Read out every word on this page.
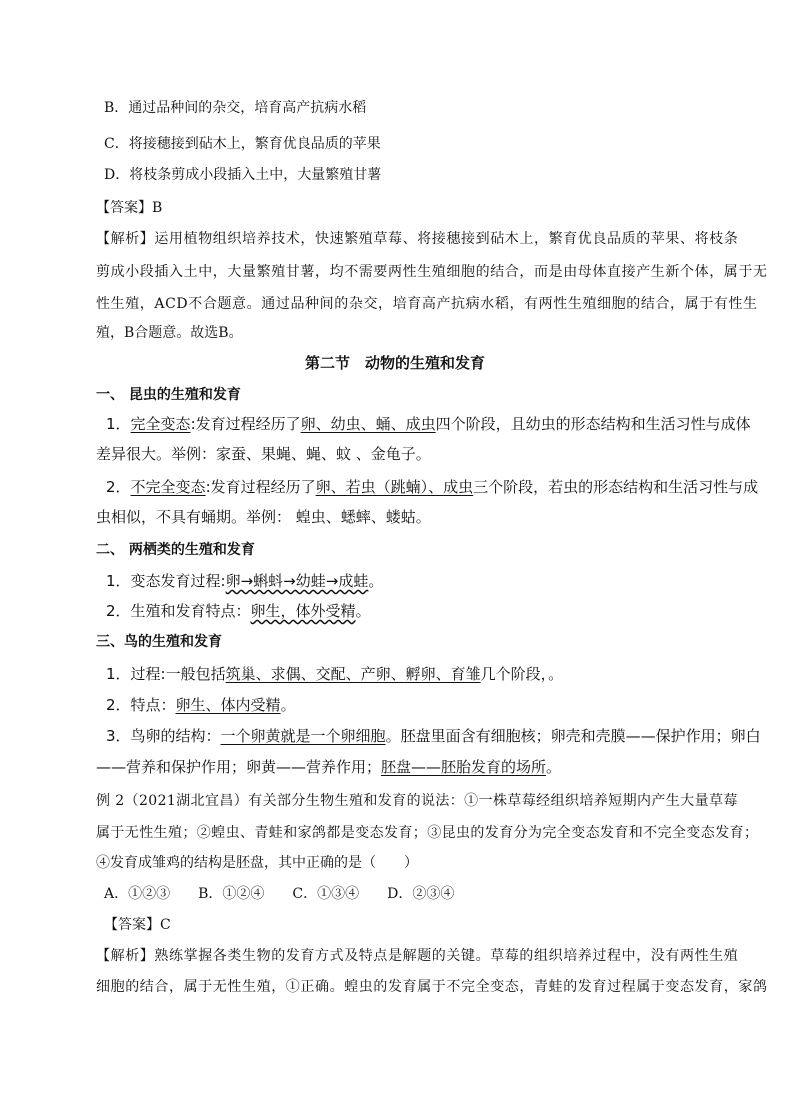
B．通过品种间的杂交，培育高产抗病水稻
C．将接穗接到砧木上，繁育优良品质的苹果
D．将枝条剪成小段插入土中，大量繁殖甘薯
【答案】B
【解析】运用植物组织培养技术，快速繁殖草莓、将接穗接到砧木上，繁育优良品质的苹果、将枝条
剪成小段插入土中，大量繁殖甘薯，均不需要两性生殖细胞的结合，而是由母体直接产生新个体，属于无
性生殖，ACD不合题意。通过品种间的杂交，培育高产抗病水稻，有两性生殖细胞的结合，属于有性生
殖，B合题意。故选B。
第二节　动物的生殖和发育
一、 昆虫的生殖和发育
1．完全变态:发育过程经历了卵、幼虫、蛹、成虫四个阶段，且幼虫的形态结构和生活习性与成体
差异很大。举例：家蚕、果蝇、蝇、蚊 、金龟子。
2．不完全变态:发育过程经历了卵、若虫（跳蝻）、成虫三个阶段，若虫的形态结构和生活习性与成
虫相似，不具有蛹期。举例： 蝗虫、蟋蟀、蝼蛄。
二、 两栖类的生殖和发育
1．变态发育过程:卵→蝌蚪→幼蛙→成蛙。
2．生殖和发育特点：卵生，体外受精。
三、鸟的生殖和发育
1．过程:一般包括筑巢、求偶、交配、产卵、孵卵、育雏几个阶段，。
2．特点：卵生、体内受精。
3．鸟卵的结构：一个卵黄就是一个卵细胞。胚盘里面含有细胞核；卵壳和壳膜——保护作用；卵白
——营养和保护作用；卵黄——营养作用；胚盘——胚胎发育的场所。
例 2（2021湖北宜昌）有关部分生物生殖和发育的说法：①一株草莓经组织培养短期内产生大量草莓
属于无性生殖；②蝗虫、青蛙和家鸽都是变态发育；③昆虫的发育分为完全变态发育和不完全变态发育；
④发育成雏鸡的结构是胚盘，其中正确的是（　　）
A．①②③　　B．①②④　　C．①③④　　D．②③④
【答案】C
【解析】熟练掌握各类生物的发育方式及特点是解题的关键。草莓的组织培养过程中，没有两性生殖
细胞的结合，属于无性生殖，①正确。蝗虫的发育属于不完全变态，青蛙的发育过程属于变态发育，家鸽
